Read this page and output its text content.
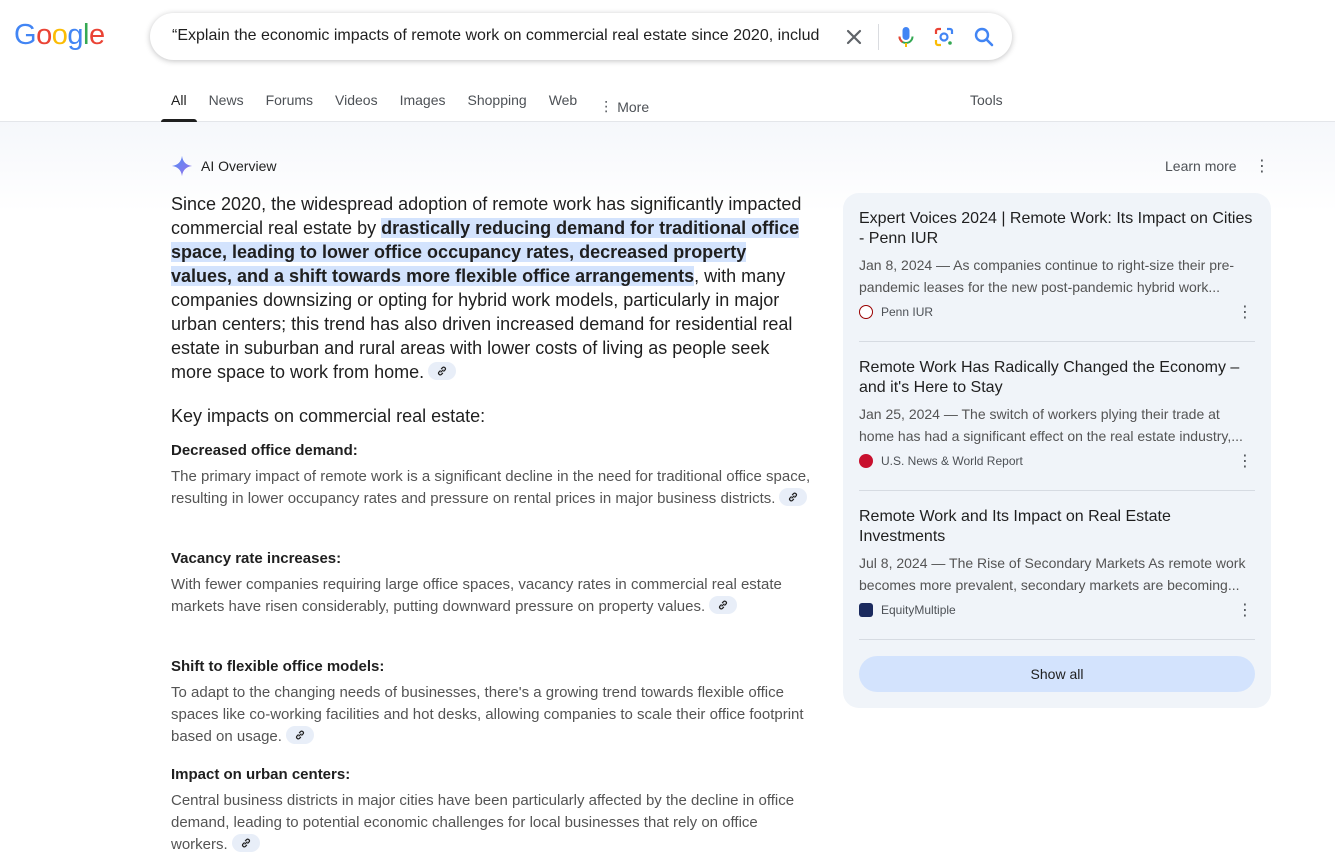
Google	“Explain the economic impacts of remote work on commercial real estate since 2020, includ
All	News Forums Videos Images Shopping Web ⋮ More	Tools
AI Overview	Learn more ⋮
Since 2020, the widespread adoption of remote work has significantly impacted commercial real estate by drastically reducing demand for traditional office space, leading to lower office occupancy rates, decreased property values, and a shift towards more flexible office arrangements, with many companies downsizing or opting for hybrid work models, particularly in major urban centers; this trend has also driven increased demand for residential real estate in suburban and rural areas with lower costs of living as people seek more space to work from home.
Key impacts on commercial real estate:
Decreased office demand:

The primary impact of remote work is a significant decline in the need for traditional office space, resulting in lower occupancy rates and pressure on rental prices in major business districts.

Vacancy rate increases:

With fewer companies requiring large office spaces, vacancy rates in commercial real estate markets have risen considerably, putting downward pressure on property values.

Shift to flexible office models:

To adapt to the changing needs of businesses, there's a growing trend towards flexible office spaces like co-working facilities and hot desks, allowing companies to scale their office footprint based on usage.

Impact on urban centers:

Central business districts in major cities have been particularly affected by the decline in office demand, leading to potential economic challenges for local businesses that rely on office workers.

Expert Voices 2024 | Remote Work: Its Impact on Cities - Penn IUR
Jan 8, 2024 — As companies continue to right-size their pre-pandemic leases for the new post-pandemic hybrid work...
Penn IUR	⋮
Remote Work Has Radically Changed the Economy – and it's Here to Stay
Jan 25, 2024 — The switch of workers plying their trade at home has had a significant effect on the real estate industry,...
U.S. News & World Report	⋮
Remote Work and Its Impact on Real Estate Investments
Jul 8, 2024 — The Rise of Secondary Markets As remote work becomes more prevalent, secondary markets are becoming...
EquityMultiple	⋮
Show all
